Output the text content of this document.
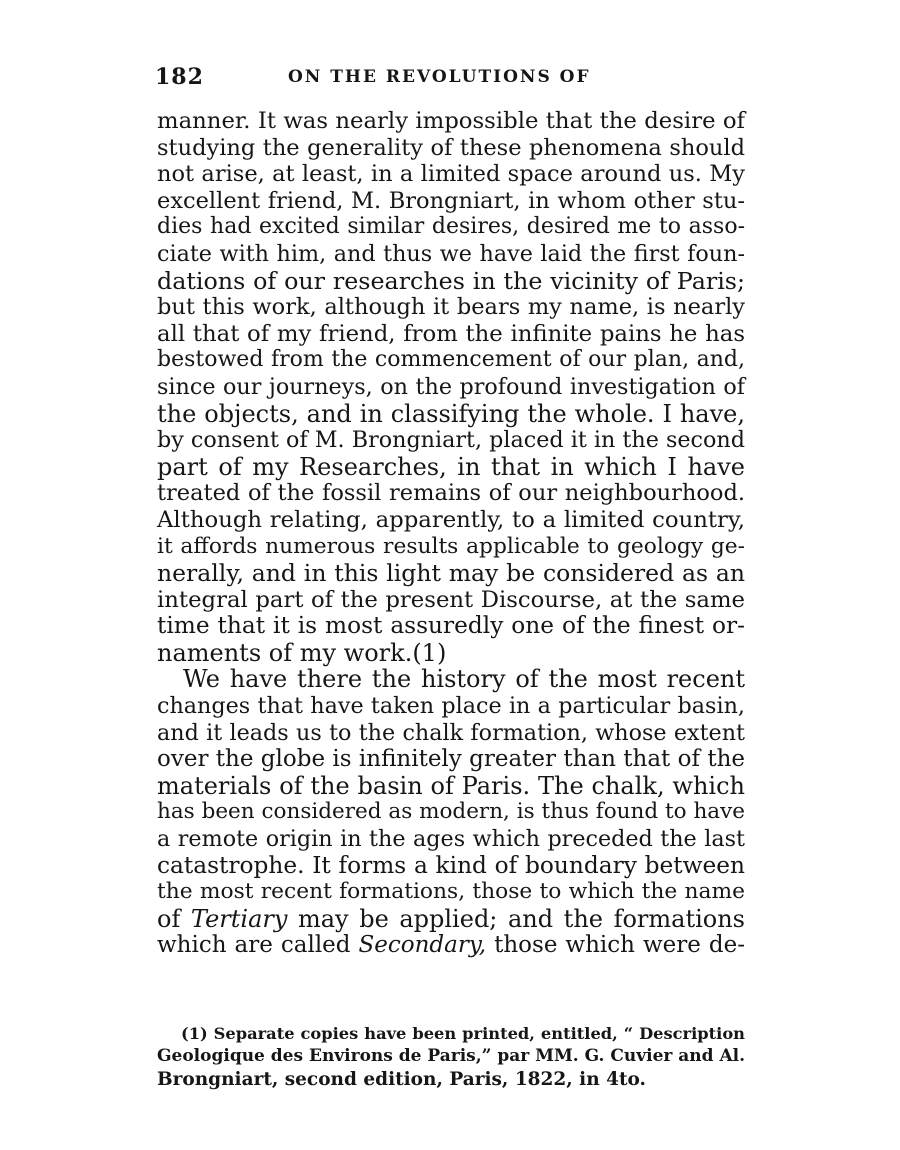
182	ON THE REVOLUTIONS OF
manner. It was nearly impossible that the desire of
studying the generality of these phenomena should
not arise, at least, in a limited space around us. My
excellent friend, M. Brongniart, in whom other stu-
dies had excited similar desires, desired me to asso-
ciate with him, and thus we have laid the first foun-
dations of our researches in the vicinity of Paris;
but this work, although it bears my name, is nearly
all that of my friend, from the infinite pains he has
bestowed from the commencement of our plan, and,
since our journeys, on the profound investigation of
the objects, and in classifying the whole. I have,
by consent of M. Brongniart, placed it in the second
part of my Researches, in that in which I have
treated of the fossil remains of our neighbourhood.
Although relating, apparently, to a limited country,
it affords numerous results applicable to geology ge-
nerally, and in this light may be considered as an
integral part of the present Discourse, at the same
time that it is most assuredly one of the finest or-
naments of my work.(1)
We have there the history of the most recent
changes that have taken place in a particular basin,
and it leads us to the chalk formation, whose extent
over the globe is infinitely greater than that of the
materials of the basin of Paris. The chalk, which
has been considered as modern, is thus found to have
a remote origin in the ages which preceded the last
catastrophe. It forms a kind of boundary between
the most recent formations, those to which the name
of Tertiary may be applied; and the formations
which are called Secondary, those which were de-
(1) Separate copies have been printed, entitled, “ Description
Geologique des Environs de Paris,” par MM. G. Cuvier and Al.
Brongniart, second edition, Paris, 1822, in 4to.
